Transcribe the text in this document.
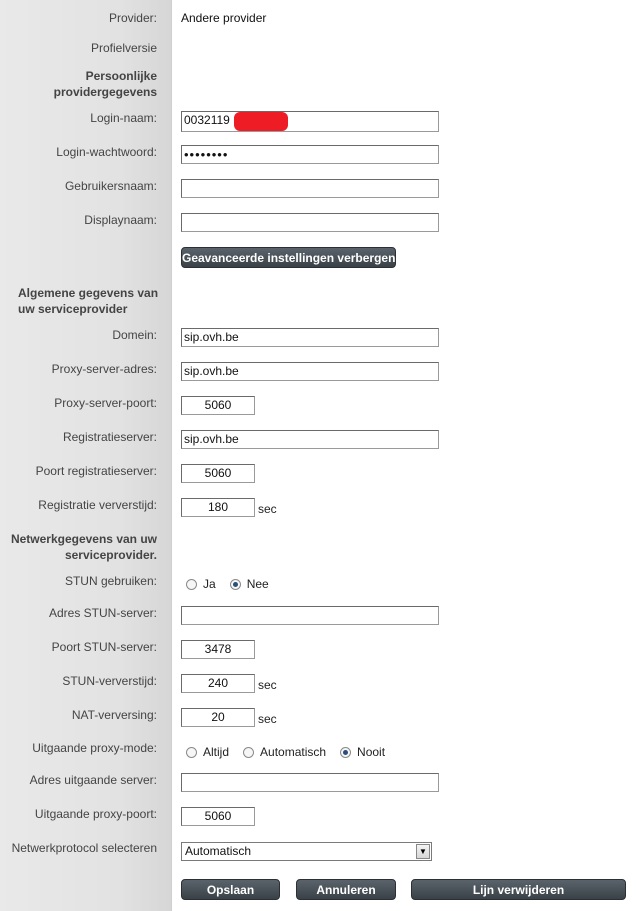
Provider: Andere provider
Profielversie
Persoonlijke
providergegevens
Login-naam: 0032119
Login-wachtwoord: ••••••••
Gebruikersnaam:
Displaynaam:
Geavanceerde instellingen verbergen
Algemene gegevens van
uw serviceprovider
Domein: sip.ovh.be
Proxy-server-adres: sip.ovh.be
Proxy-server-poort:	5060
Registratieserver: sip.ovh.be
Poort registratieserver:	5060
Registratie ververstijd:	180	sec
Netwerkgegevens van uw
serviceprovider.
STUN gebruiken:	Ja	Nee
Adres STUN-server:
Poort STUN-server:	3478
STUN-ververstijd:	240	sec
NAT-verversing:	20	sec
Uitgaande proxy-mode:	Altijd	Automatisch	Nooit
Adres uitgaande server:
Uitgaande proxy-poort:	5060
Netwerkprotocol selecteren	Automatisch	▼
Opslaan	Annuleren	Lijn verwijderen
